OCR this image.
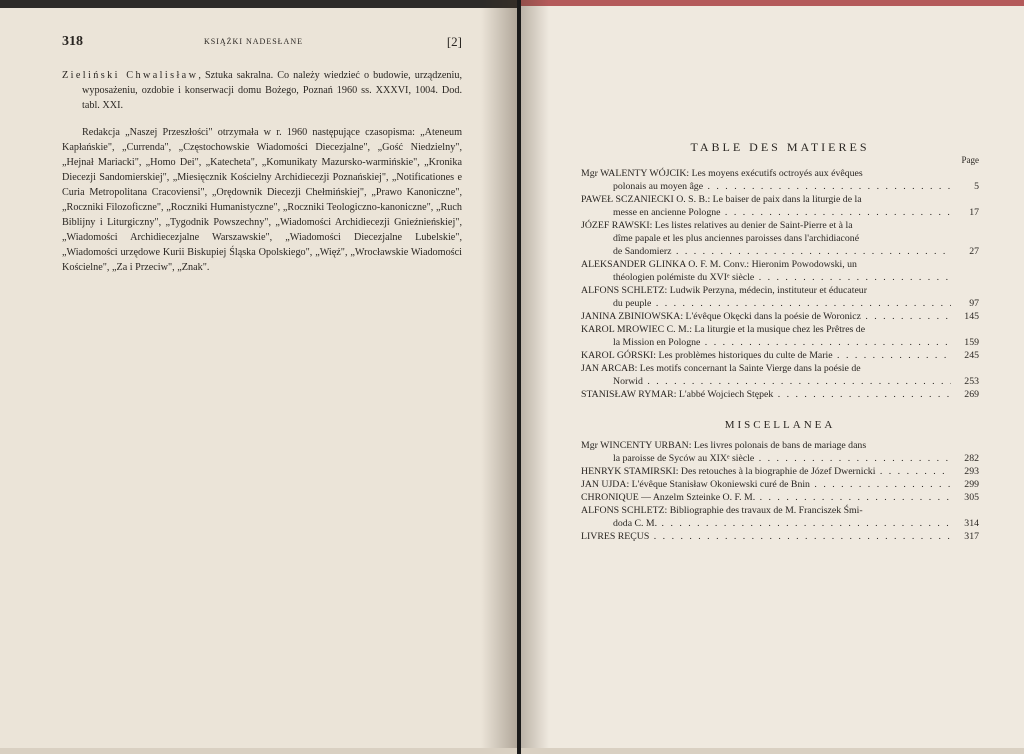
318	KSIĄŻKI NADESŁANE	[2]
Zieliński Chwalisław, Sztuka sakralna. Co należy wiedzieć o budowie, urządzeniu, wyposażeniu, ozdobie i konserwacji domu Bożego, Poznań 1960 ss. XXXVI, 1004. Dod. tabl. XXI.
Redakcja „Naszej Przeszłości" otrzymała w r. 1960 następujące czasopisma: „Ateneum Kapłańskie", „Currenda", „Częstochowskie Wiadomości Diecezjalne", „Gość Niedzielny", „Hejnał Mariacki", „Homo Dei", „Katecheta", „Komunikaty Mazursko-warmińskie", „Kronika Diecezji Sandomierskiej", „Miesięcznik Kościelny Archidiecezji Poznańskiej", „Notificationes e Curia Metropolitana Cracoviensi", „Orędownik Diecezji Chełmińskiej", „Prawo Kanoniczne", „Roczniki Filozoficzne", „Roczniki Humanistyczne", „Roczniki Teologiczno-kanoniczne", „Ruch Biblijny i Liturgiczny", „Tygodnik Powszechny", „Wiadomości Archidiecezji Gnieźnieńskiej", „Wiadomości Archidiecezjalne Warszawskie", „Wiadomości Diecezjalne Lubelskie", „Wiadomości urzędowe Kurii Biskupiej Śląska Opolskiego", „Więź", „Wrocławskie Wiadomości Kościelne", „Za i Przeciw", „Znak".
TABLE DES MATIERES
Page
Mgr WALENTY WÓJCIK: Les moyens exécutifs octroyés aux évêques
polonais au moyen âge . . .	5
PAWEŁ SCZANIECKI O. S. B.: Le baiser de paix dans la liturgie de la
messe en ancienne Pologne . . .	17
JÓZEF RAWSKI: Les listes relatives au denier de Saint-Pierre et à la
dîme papale et les plus anciennes paroisses dans l'archidiaconé
de Sandomierz . . .	27
ALEKSANDER GLINKA O. F. M. Conv.: Hieronim Powodowski, un
théologien polémiste du XVIᵉ siècle . . .
ALFONS SCHLETZ: Ludwik Perzyna, médecin, instituteur et éducateur
du peuple . . .	97
JANINA ZBINIOWSKA: L'évêque Okęcki dans la poésie de Woronicz . . .	145
KAROL MROWIEC C. M.: La liturgie et la musique chez les Prêtres de
la Mission en Pologne . . .	159
KAROL GÓRSKI: Les problèmes historiques du culte de Marie . . .	245
JAN ARCAB: Les motifs concernant la Sainte Vierge dans la poésie de
Norwid . . .	253
STANISŁAW RYMAR: L'abbé Wojciech Stępek . . .	269
MISCELLANEA
Mgr WINCENTY URBAN: Les livres polonais de bans de mariage dans
la paroisse de Syców au XIXᵉ siècle . . .	282
HENRYK STAMIRSKI: Des retouches à la biographie de Józef Dwernicki . . .	293
JAN UJDA: L'évêque Stanisław Okoniewski curé de Bnin . . .	299
CHRONIQUE — Anzelm Szteinke O. F. M. . . .	305
ALFONS SCHLETZ: Bibliographie des travaux de M. Franciszek Śmi-
doda C. M. . . .	314
LIVRES REÇUS . . .	317
